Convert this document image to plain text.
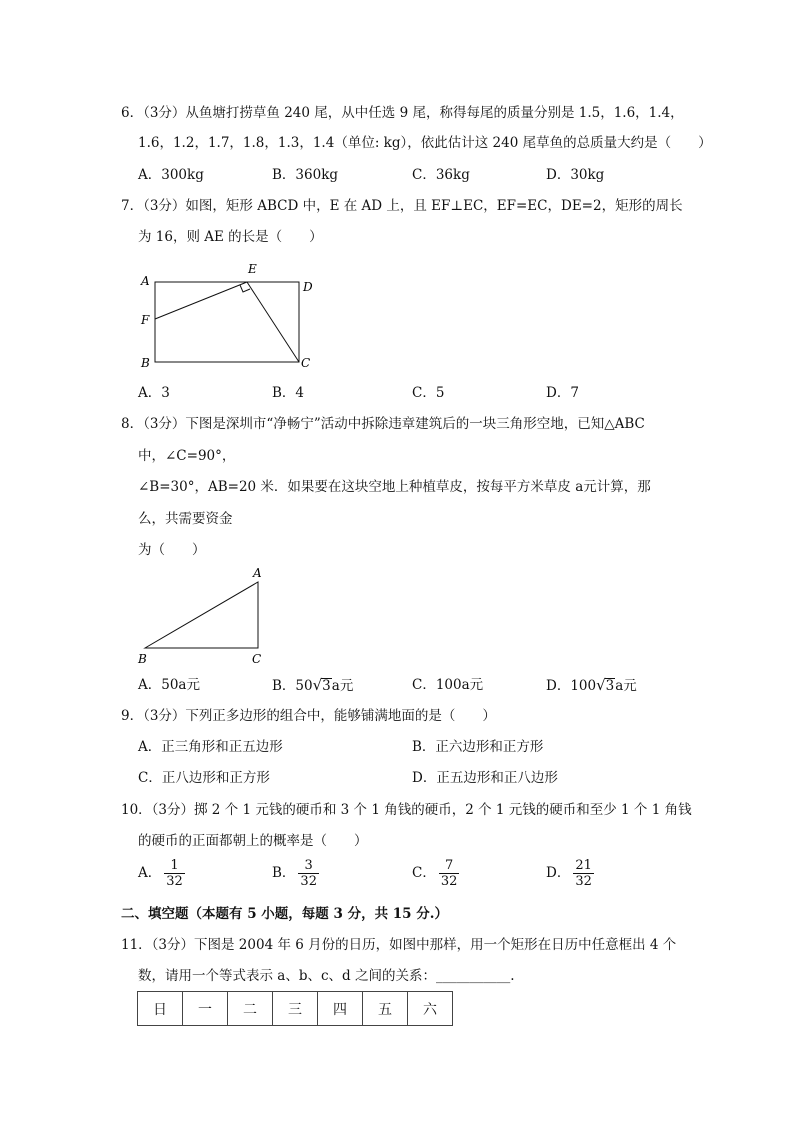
6．（3分）从鱼塘打捞草鱼 240 尾，从中任选 9 尾，称得每尾的质量分别是 1.5，1.6，1.4，
1.6，1.2，1.7，1.8，1.3，1.4（单位: kg），依此估计这 240 尾草鱼的总质量大约是（　　）
A．300kg	B．360kg	C．36kg	D．30kg
7．（3分）如图，矩形 ABCD 中，E 在 AD 上，且 EF⊥EC，EF=EC，DE=2，矩形的周长
为 16，则 AE 的长是（　　）
A
E
D
F
B	C
A．3	B．4	C．5	D．7
8．（3分）下图是深圳市“净畅宁”活动中拆除违章建筑后的一块三角形空地，已知△ABC
中，∠C=90°，
∠B=30°，AB=20 米．如果要在这块空地上种植草皮，按每平方米草皮 a元计算，那
么，共需要资金
为（　　）
A
B	C
A．50a元	B．50√3a元	C．100a元	D．100√3a元
9．（3分）下列正多边形的组合中，能够铺满地面的是（　　）
A．正三角形和正五边形	B．正六边形和正方形
C．正八边形和正方形	D．正五边形和正八边形
10．（3分）掷 2 个 1 元钱的硬币和 3 个 1 角钱的硬币，2 个 1 元钱的硬币和至少 1 个 1 角钱
的硬币的正面都朝上的概率是（　　）
A． $\frac{1}{32}$	B． $\frac{3}{32}$	C． $\frac{7}{32}$	D． $\frac{21}{32}$
二、填空题（本题有 5 小题，每题 3 分，共 15 分.）
11．（3分）下图是 2004 年 6 月份的日历，如图中那样，用一个矩形在日历中任意框出 4 个
数，请用一个等式表示 a、b、c、d 之间的关系：___________.
日	一	二	三	四	五	六
